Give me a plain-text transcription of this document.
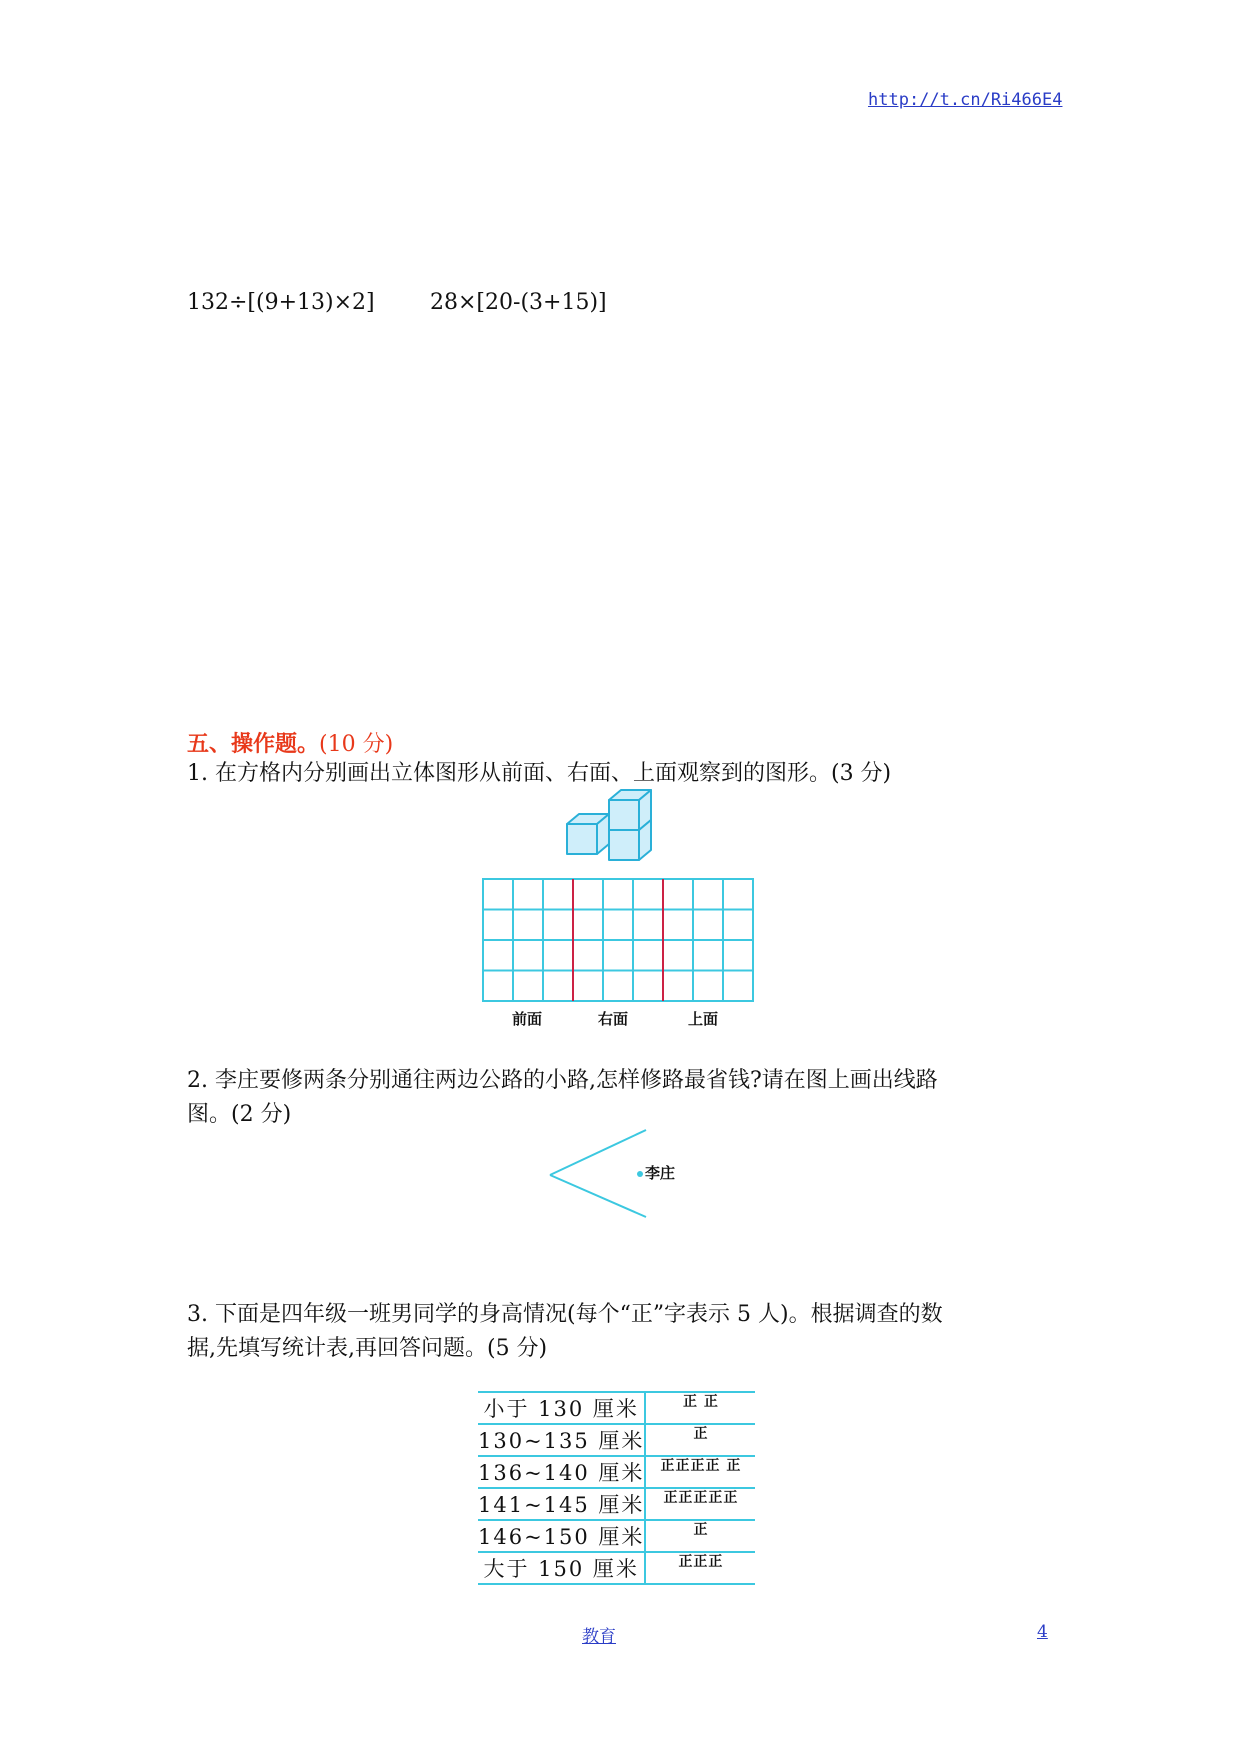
http://t.cn/Ri466E4
132÷[(9+13)×2]	28×[20-(3+15)]
五、操作题。(10 分)
1. 在方格内分别画出立体图形从前面、右面、上面观察到的图形。(3 分)
前面	右面	上面
2. 李庄要修两条分别通往两边公路的小路,怎样修路最省钱?请在图上画出线路
图。(2 分)
李庄
3. 下面是四年级一班男同学的身高情况(每个“正”字表示 5 人)。根据调查的数
据,先填写统计表,再回答问题。(5 分)
小于 130 厘米	正 正
130~135 厘米	正
136~140 厘米	正正正正 正
141~145 厘米	正正正正正
146~150 厘米	正
大于 150 厘米	正正正
教育	4
